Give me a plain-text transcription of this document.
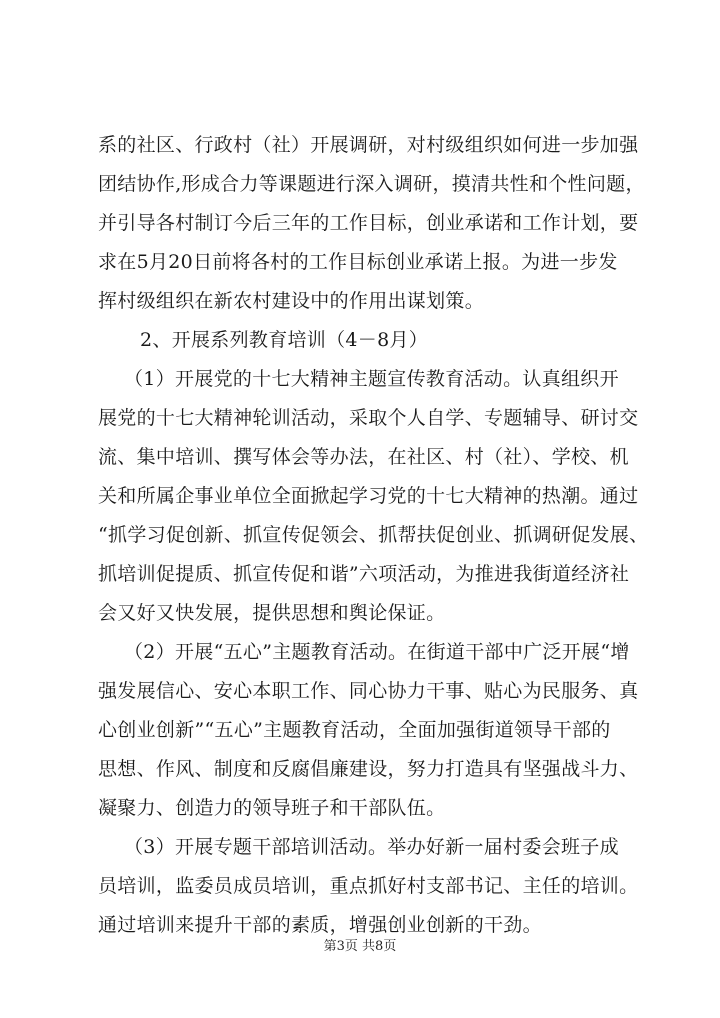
系的社区、行政村（社）开展调研，对村级组织如何进一步加强
团结协作,形成合力等课题进行深入调研，摸清共性和个性问题，
并引导各村制订今后三年的工作目标，创业承诺和工作计划，要
求在5月20日前将各村的工作目标创业承诺上报。为进一步发
挥村级组织在新农村建设中的作用出谋划策。
2、开展系列教育培训（4－8月）
（1）开展党的十七大精神主题宣传教育活动。认真组织开
展党的十七大精神轮训活动，采取个人自学、专题辅导、研讨交
流、集中培训、撰写体会等办法，在社区、村（社）、学校、机
关和所属企事业单位全面掀起学习党的十七大精神的热潮。通过
“抓学习促创新、抓宣传促领会、抓帮扶促创业、抓调研促发展、
抓培训促提质、抓宣传促和谐”六项活动，为推进我街道经济社
会又好又快发展，提供思想和舆论保证。
（2）开展“五心”主题教育活动。在街道干部中广泛开展“增
强发展信心、安心本职工作、同心协力干事、贴心为民服务、真
心创业创新”“五心”主题教育活动，全面加强街道领导干部的
思想、作风、制度和反腐倡廉建设，努力打造具有坚强战斗力、
凝聚力、创造力的领导班子和干部队伍。
（3）开展专题干部培训活动。举办好新一届村委会班子成
员培训，监委员成员培训，重点抓好村支部书记、主任的培训。
通过培训来提升干部的素质，增强创业创新的干劲。
第3页 共8页
